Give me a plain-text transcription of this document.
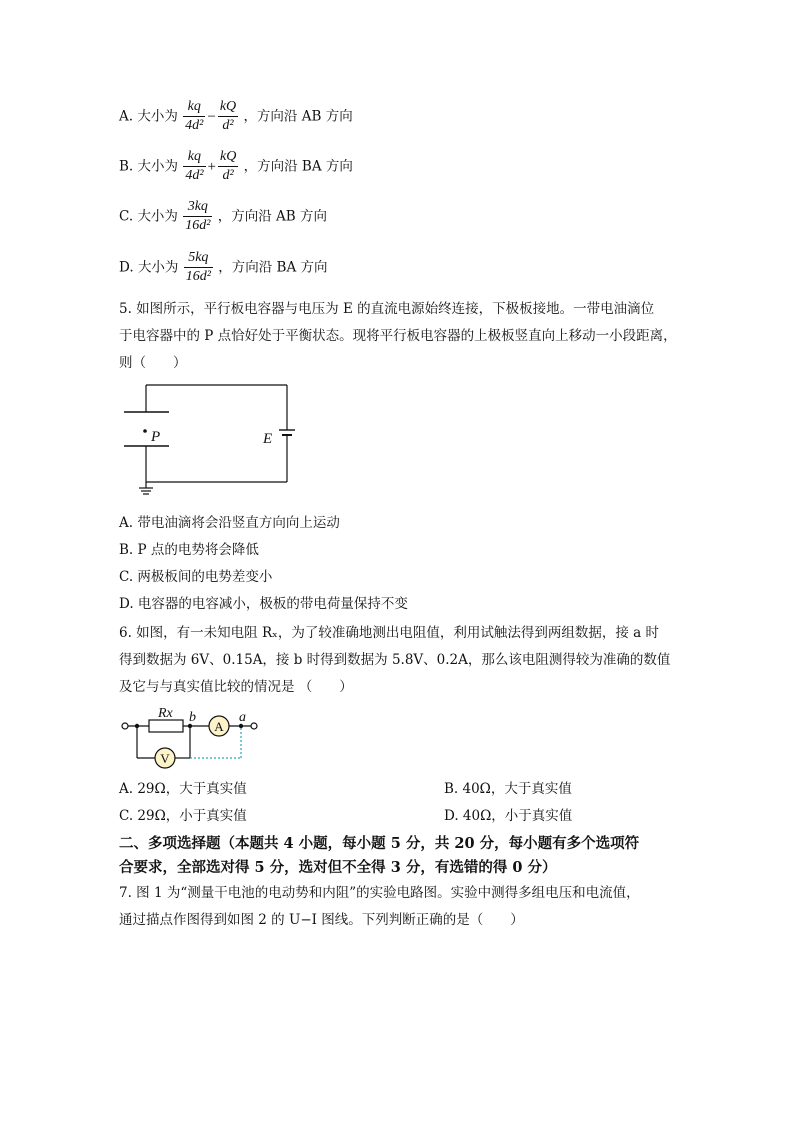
A. 大小为 $\frac{kq}{\text{4d²}} - \frac{kQ}{\text{d²}}$ ，方向沿 AB 方向
B. 大小为 $\frac{kq}{\text{4d²}} + \frac{kQ}{\text{d²}}$ ，方向沿 BA 方向
C. 大小为 $\frac{3kq}{\text{16d²}}$ ，方向沿 AB 方向
D. 大小为 $\frac{5kq}{\text{16d²}}$ ，方向沿 BA 方向
5. 如图所示，平行板电容器与电压为 E 的直流电源始终连接，下极板接地。一带电油滴位
于电容器中的 P 点恰好处于平衡状态。现将平行板电容器的上极板竖直向上移动一小段距离，
则（　　）
P	E
A. 带电油滴将会沿竖直方向向上运动
B. P 点的电势将会降低
C. 两极板间的电势差变小
D. 电容器的电容减小，极板的带电荷量保持不变
6. 如图，有一未知电阻 Rₓ，为了较准确地测出电阻值，利用试触法得到两组数据，接 a 时
得到数据为 6V、0.15A，接 b 时得到数据为 5.8V、0.2A，那么该电阻测得较为准确的数值
及它与与真实值比较的情况是 （　　）
A
V
Rx b	a
A. 29Ω，大于真实值	B. 40Ω，大于真实值
C. 29Ω，小于真实值	D. 40Ω，小于真实值
二、多项选择题（本题共 4 小题，每小题 5 分，共 20 分，每小题有多个选项符
合要求，全部选对得 5 分，选对但不全得 3 分，有选错的得 0 分）
7. 图 1 为“测量干电池的电动势和内阻”的实验电路图。实验中测得多组电压和电流值，
通过描点作图得到如图 2 的 U−I 图线。下列判断正确的是（　　）
